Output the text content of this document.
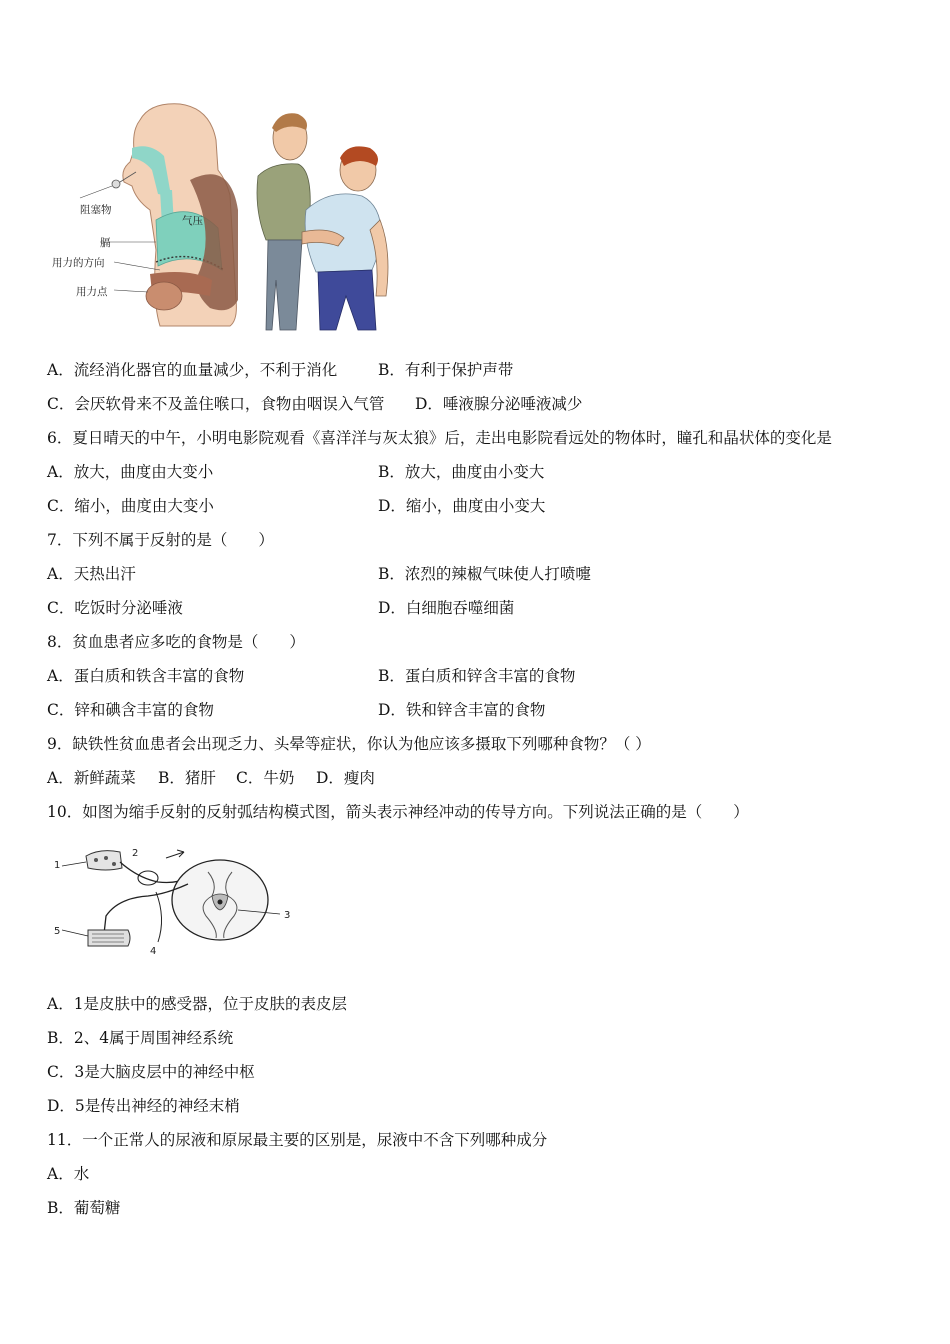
气压
阻塞物
膈
用力的方向
用力点
A．流经消化器官的血量减少，不利于消化	B．有利于保护声带
C．会厌软骨来不及盖住喉口，食物由咽误入气管 D．唾液腺分泌唾液减少
6．夏日晴天的中午，小明电影院观看《喜洋洋与灰太狼》后，走出电影院看远处的物体时，瞳孔和晶状体的变化是
A．放大，曲度由大变小	B．放大，曲度由小变大
C．缩小，曲度由大变小	D．缩小，曲度由小变大
7．下列不属于反射的是（　　）
A．天热出汗	B．浓烈的辣椒气味使人打喷嚏
C．吃饭时分泌唾液	D．白细胞吞噬细菌
8．贫血患者应多吃的食物是（　　）
A．蛋白质和铁含丰富的食物	B．蛋白质和锌含丰富的食物
C．锌和碘含丰富的食物	D．铁和锌含丰富的食物
9．缺铁性贫血患者会出现乏力、头晕等症状，你认为他应该多摄取下列哪种食物？（ ）
A．新鲜蔬菜 B．猪肝 C．牛奶 D．瘦肉
10．如图为缩手反射的反射弧结构模式图，箭头表示神经冲动的传导方向。下列说法正确的是（　　）
1
2
3
4
5
A．1是皮肤中的感受器，位于皮肤的表皮层
B．2、4属于周围神经系统
C．3是大脑皮层中的神经中枢
D．5是传出神经的神经末梢
11．一个正常人的尿液和原尿最主要的区别是，尿液中不含下列哪种成分
A．水
B．葡萄糖
